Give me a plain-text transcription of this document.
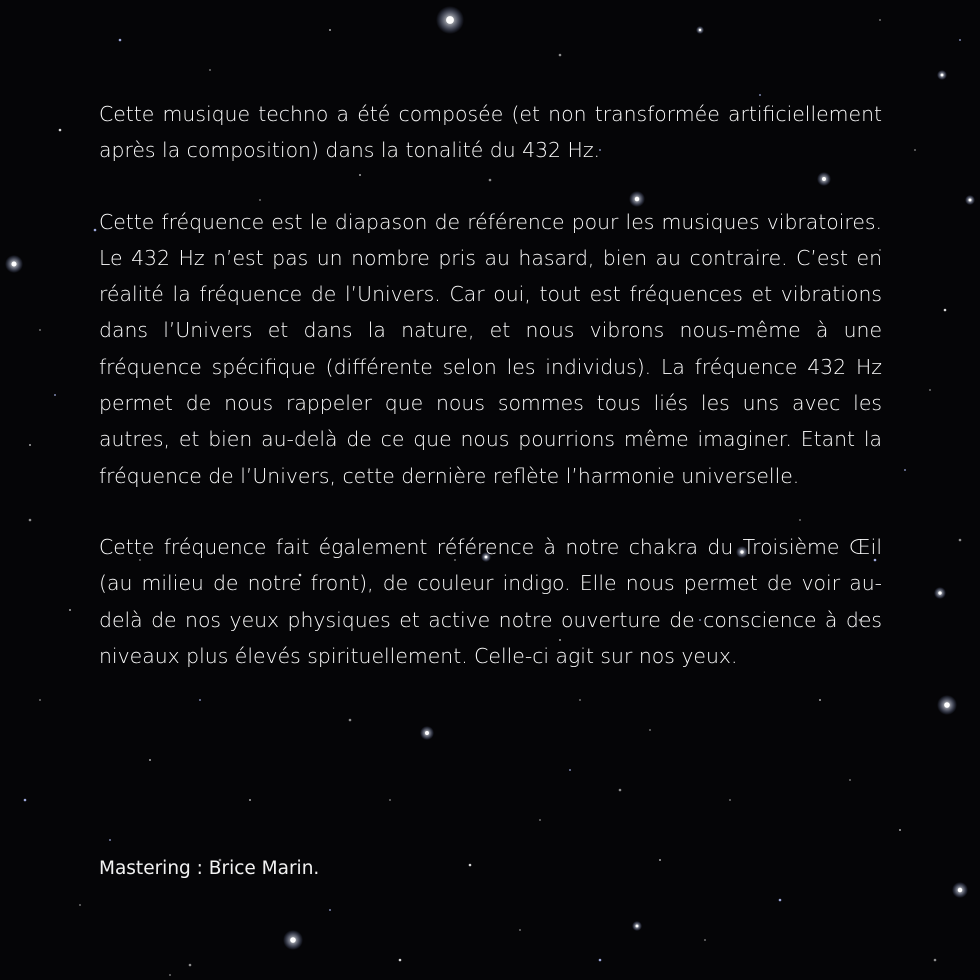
Cette musique techno a été composée (et non transformée artificiellement après la composition) dans la tonalité du 432 Hz.

Cette fréquence est le diapason de référence pour les musiques vibratoires. Le 432 Hz n’est pas un nombre pris au hasard, bien au contraire. C’est en réalité la fréquence de l’Univers. Car oui, tout est fréquences et vibrations dans l’Univers et dans la nature, et nous vibrons nous-même à une fréquence spécifique (différente selon les individus). La fréquence 432 Hz permet de nous rappeler que nous sommes tous liés les uns avec les autres, et bien au-delà de ce que nous pourrions même imaginer. Etant la fréquence de l’Univers, cette dernière reflète l’harmonie universelle.

Cette fréquence fait également référence à notre chakra du Troisième Œil (au milieu de notre front), de couleur indigo. Elle nous permet de voir au-delà de nos yeux physiques et active notre ouverture de conscience à des niveaux plus élevés spirituellement. Celle-ci agit sur nos yeux.

Mastering : Brice Marin.
